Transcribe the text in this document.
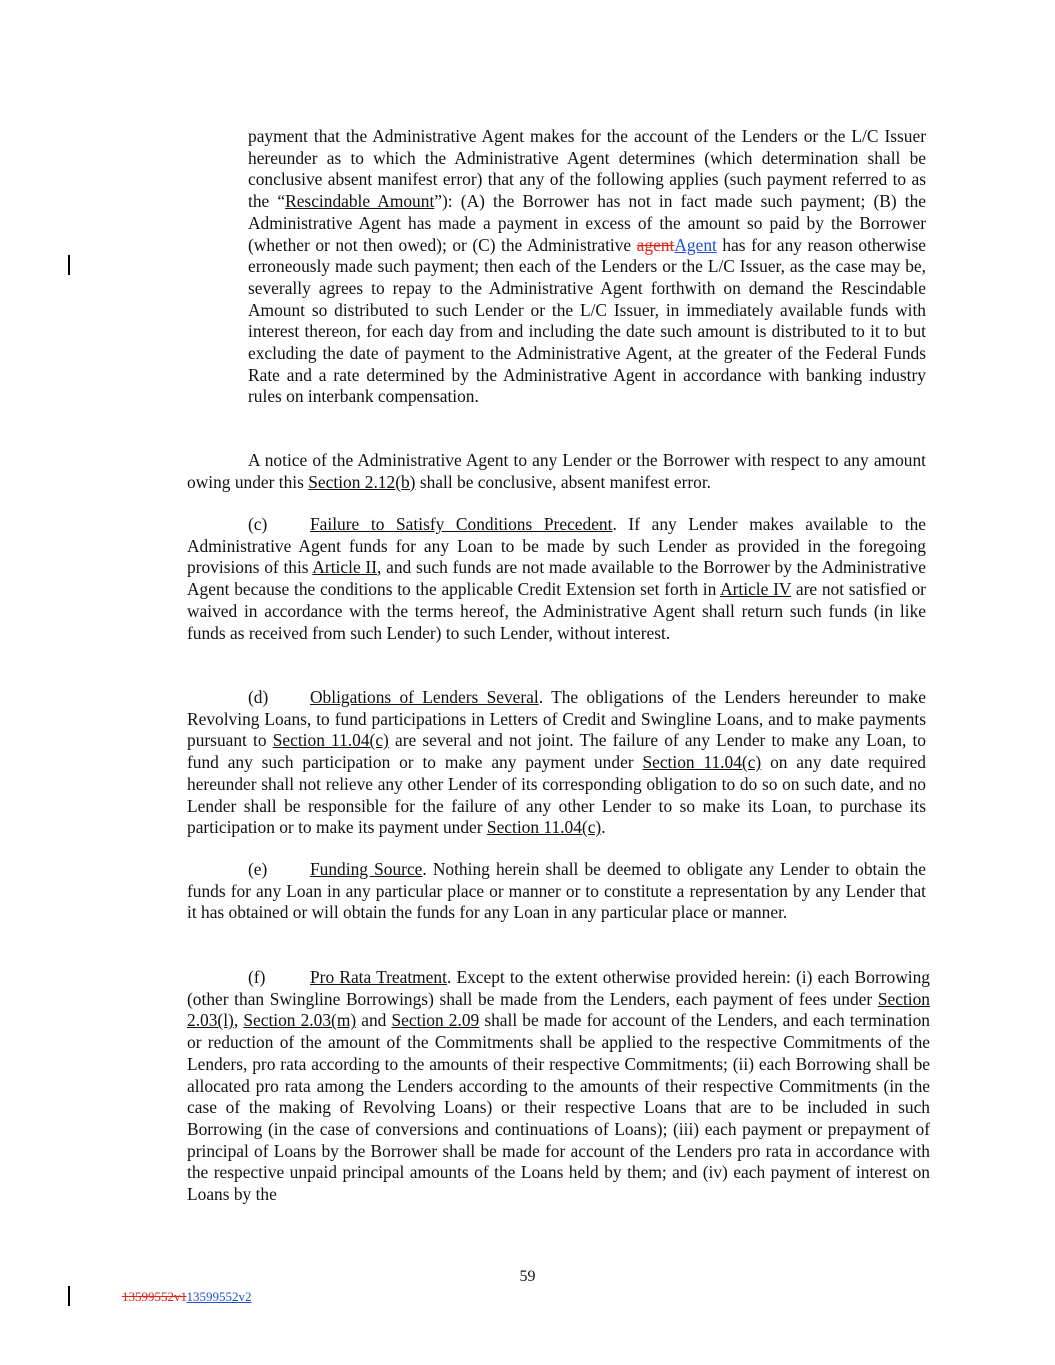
payment that the Administrative Agent makes for the account of the Lenders or the L/C Issuer hereunder as to which the Administrative Agent determines (which determination shall be conclusive absent manifest error) that any of the following applies (such payment referred to as the “Rescindable Amount”): (A) the Borrower has not in fact made such payment; (B) the Administrative Agent has made a payment in excess of the amount so paid by the Borrower (whether or not then owed); or (C) the Administrative agentAgent has for any reason otherwise erroneously made such payment; then each of the Lenders or the L/C Issuer, as the case may be, severally agrees to repay to the Administrative Agent forthwith on demand the Rescindable Amount so distributed to such Lender or the L/C Issuer, in immediately available funds with interest thereon, for each day from and including the date such amount is distributed to it to but excluding the date of payment to the Administrative Agent, at the greater of the Federal Funds Rate and a rate determined by the Administrative Agent in accordance with banking industry rules on interbank compensation.

A notice of the Administrative Agent to any Lender or the Borrower with respect to any amount owing under this Section 2.12(b) shall be conclusive, absent manifest error.

(c) Failure to Satisfy Conditions Precedent. If any Lender makes available to the Administrative Agent funds for any Loan to be made by such Lender as provided in the foregoing provisions of this Article II, and such funds are not made available to the Borrower by the Administrative Agent because the conditions to the applicable Credit Extension set forth in Article IV are not satisfied or waived in accordance with the terms hereof, the Administrative Agent shall return such funds (in like funds as received from such Lender) to such Lender, without interest.

(d) Obligations of Lenders Several. The obligations of the Lenders hereunder to make Revolving Loans, to fund participations in Letters of Credit and Swingline Loans, and to make payments pursuant to Section 11.04(c) are several and not joint. The failure of any Lender to make any Loan, to fund any such participation or to make any payment under Section 11.04(c) on any date required hereunder shall not relieve any other Lender of its corresponding obligation to do so on such date, and no Lender shall be responsible for the failure of any other Lender to so make its Loan, to purchase its participation or to make its payment under Section 11.04(c).

(e) Funding Source. Nothing herein shall be deemed to obligate any Lender to obtain the funds for any Loan in any particular place or manner or to constitute a representation by any Lender that it has obtained or will obtain the funds for any Loan in any particular place or manner.

(f)	Pro Rata Treatment. Except to the extent otherwise provided herein: (i) each Borrowing (other than Swingline Borrowings) shall be made from the Lenders, each payment of fees under Section 2.03(l), Section 2.03(m) and Section 2.09 shall be made for account of the Lenders, and each termination or reduction of the amount of the Commitments shall be applied to the respective Commitments of the Lenders, pro rata according to the amounts of their respective Commitments; (ii) each Borrowing shall be allocated pro rata among the Lenders according to the amounts of their respective Commitments (in the case of the making of Revolving Loans) or their respective Loans that are to be included in such Borrowing (in the case of conversions and continuations of Loans); (iii) each payment or prepayment of principal of Loans by the Borrower shall be made for account of the Lenders pro rata in accordance with the respective unpaid principal amounts of the Loans held by them; and (iv) each payment of interest on Loans by the

59
13599552v113599552v2
